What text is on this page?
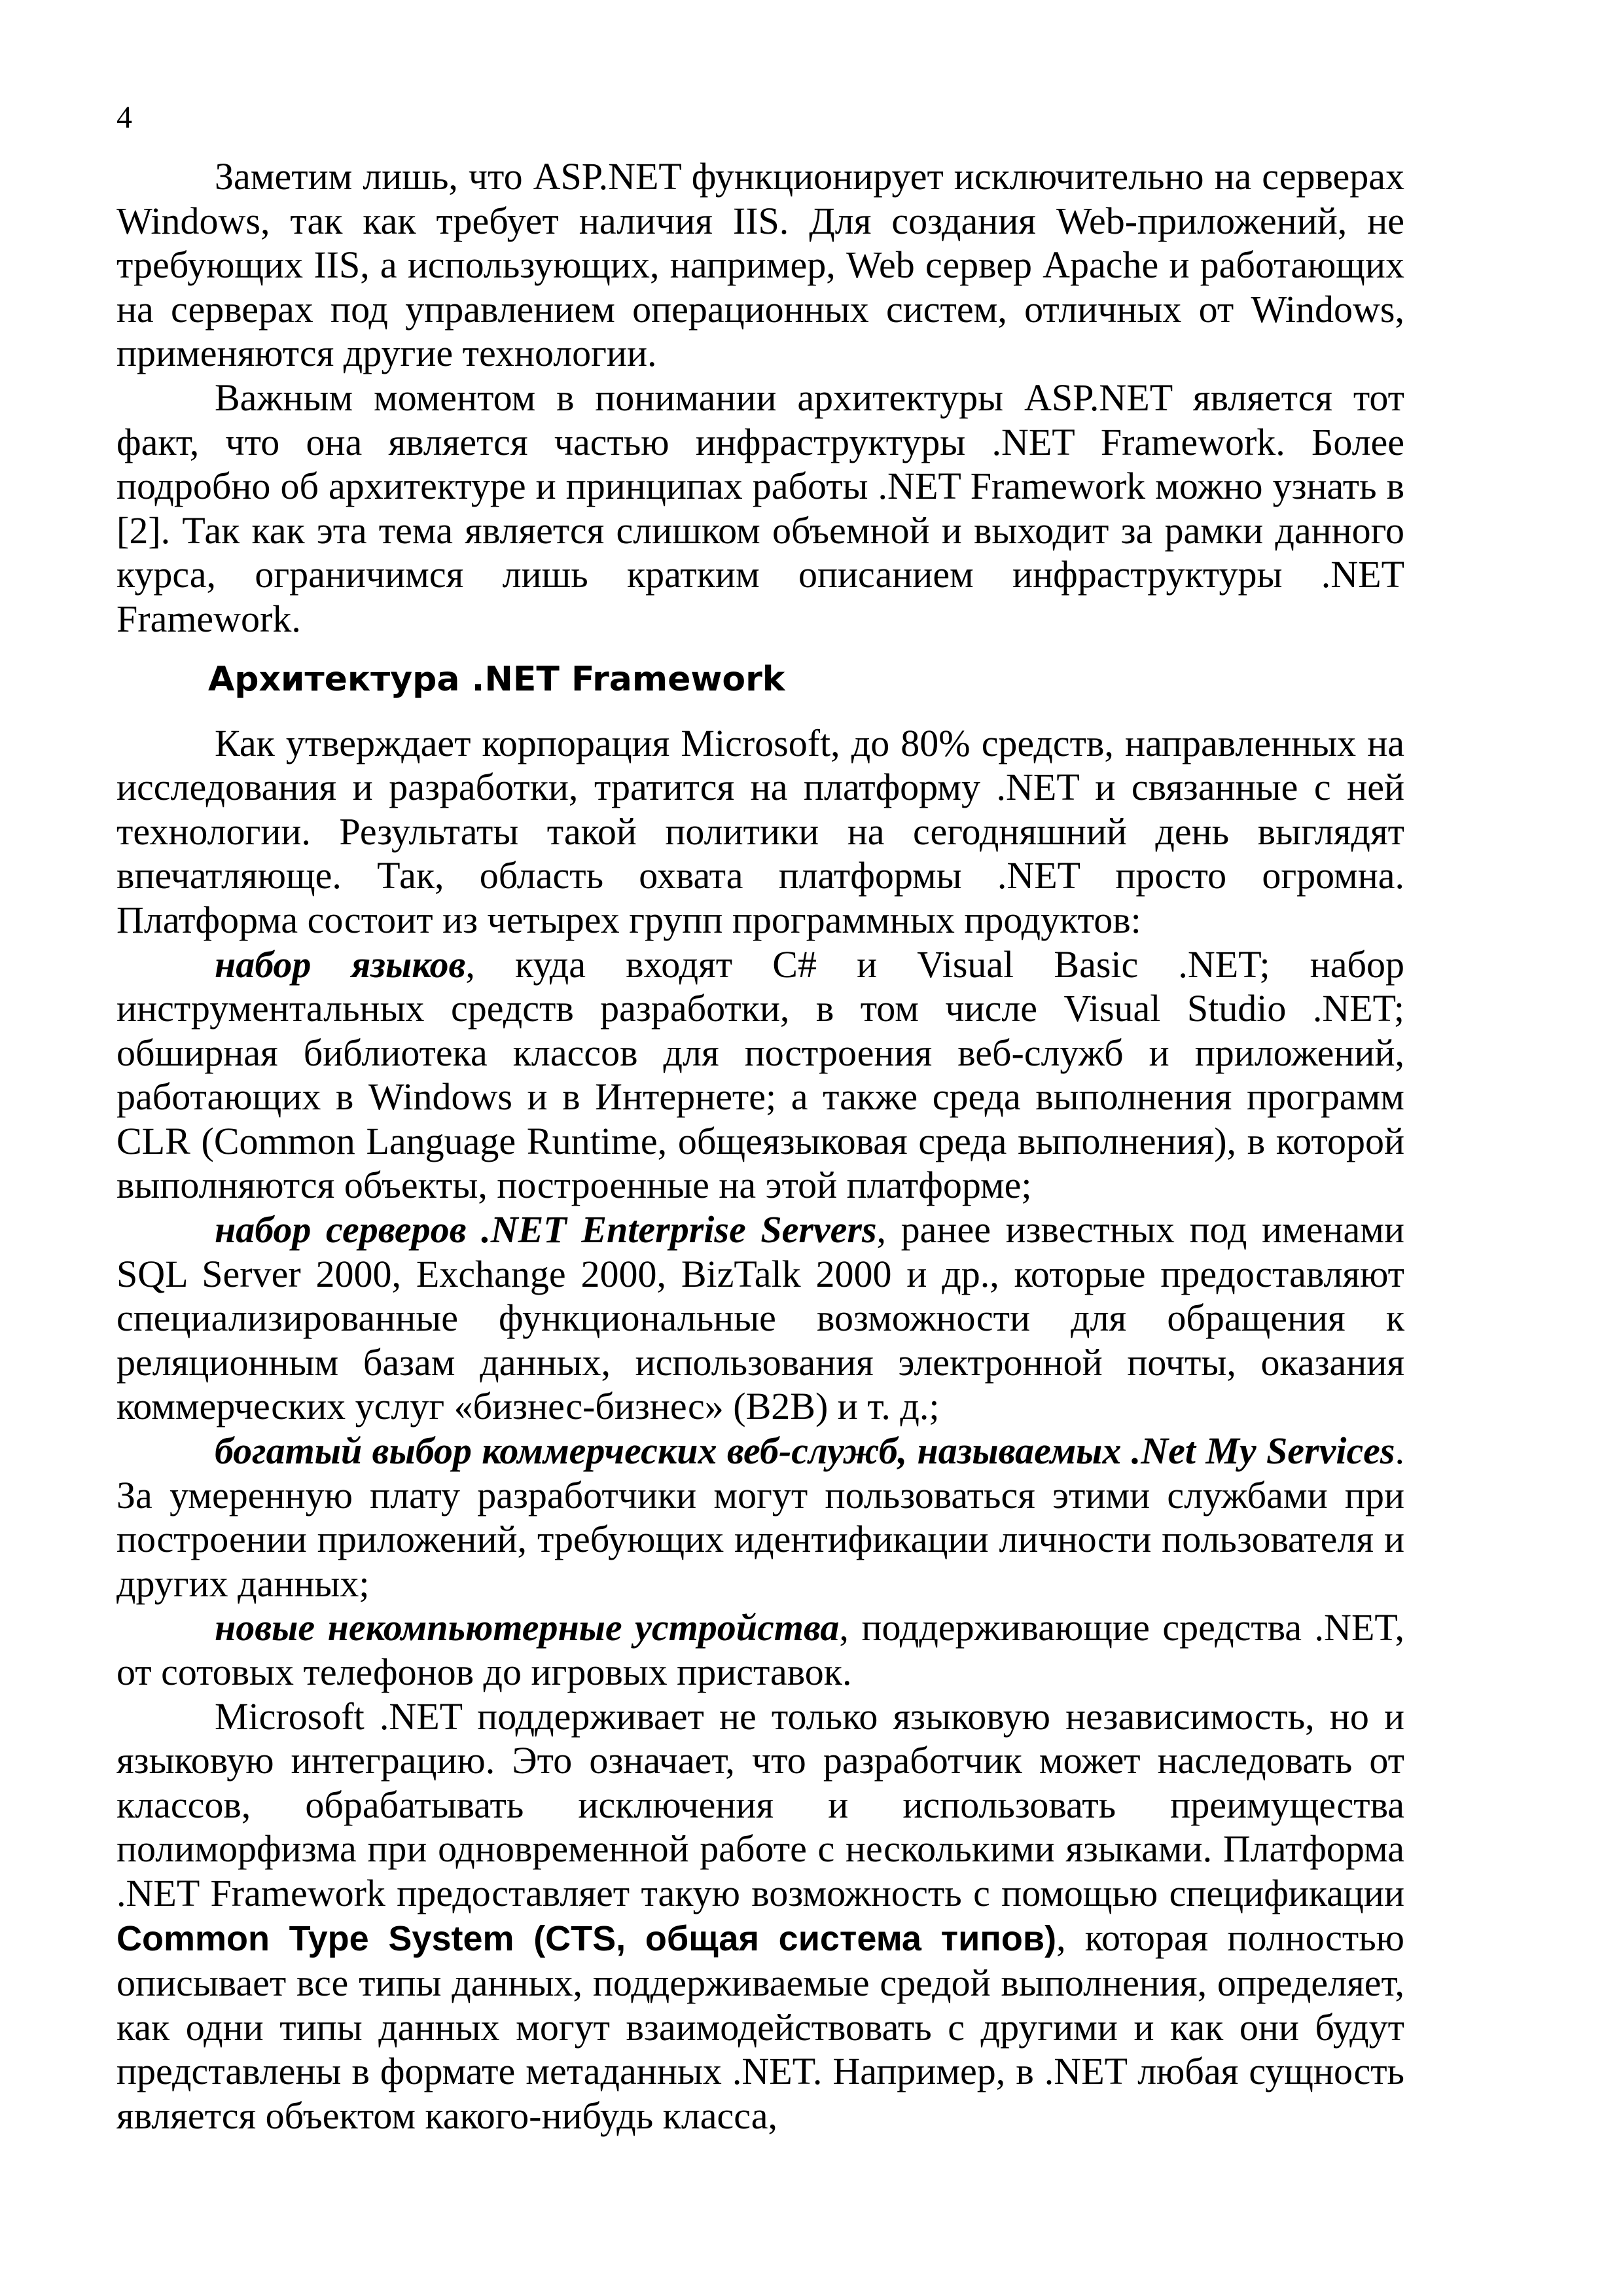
4

Заметим лишь, что ASP.NET функционирует исключительно на серверах Windows, так как требует наличия IIS. Для создания Web-приложений, не требующих IIS, а использующих, например, Web сервер Apache и работающих на серверах под управлением операционных систем, отличных от Windows, применяются другие технологии.

Важным моментом в понимании архитектуры ASP.NET является тот факт, что она является частью инфраструктуры .NET Framework. Более подробно об архитектуре и принципах работы .NET Framework можно узнать в [2]. Так как эта тема является слишком объемной и выходит за рамки данного курса, ограничимся лишь кратким описанием инфраструктуры .NET Framework.

Архитектура .NET Framework

Как утверждает корпорация Microsoft, до 80% средств, направленных на исследования и разработки, тратится на платформу .NET и связанные с ней технологии. Результаты такой политики на сегодняшний день выглядят впечатляюще. Так, область охвата платформы .NET просто огромна. Платформа состоит из четырех групп программных продуктов:

набор языков, куда входят C# и Visual Basic .NET; набор инструментальных средств разработки, в том числе Visual Studio .NET; обширная библиотека классов для построения веб-служб и приложений, работающих в Windows и в Интернете; а также среда выполнения программ CLR (Common Language Runtime, общеязыковая среда выполнения), в которой выполняются объекты, построенные на этой платформе;

набор серверов .NET Enterprise Servers, ранее известных под именами SQL Server 2000, Exchange 2000, BizTalk 2000 и др., которые предоставляют специализированные функциональные возможности для обращения к реляционным базам данных, использования электронной почты, оказания коммерческих услуг «бизнес-бизнес» (B2B) и т. д.;

богатый выбор коммерческих веб-служб, называемых .Net My Services. За умеренную плату разработчики могут пользоваться этими службами при построении приложений, требующих идентификации личности пользователя и других данных;

новые некомпьютерные устройства, поддерживающие средства .NET, от сотовых телефонов до игровых приставок.

Microsoft .NET поддерживает не только языковую независимость, но и языковую интеграцию. Это означает, что разработчик может наследовать от классов, обрабатывать исключения и использовать преимущества полиморфизма при одновременной работе с несколькими языками. Платформа .NET Framework предоставляет такую возможность с помощью спецификации Common Type System (CTS, общая система типов), которая полностью описывает все типы данных, поддерживаемые средой выполнения, определяет, как одни типы данных могут взаимодействовать с другими и как они будут представлены в формате метаданных .NET. Например, в .NET любая сущность является объектом какого-нибудь класса,
